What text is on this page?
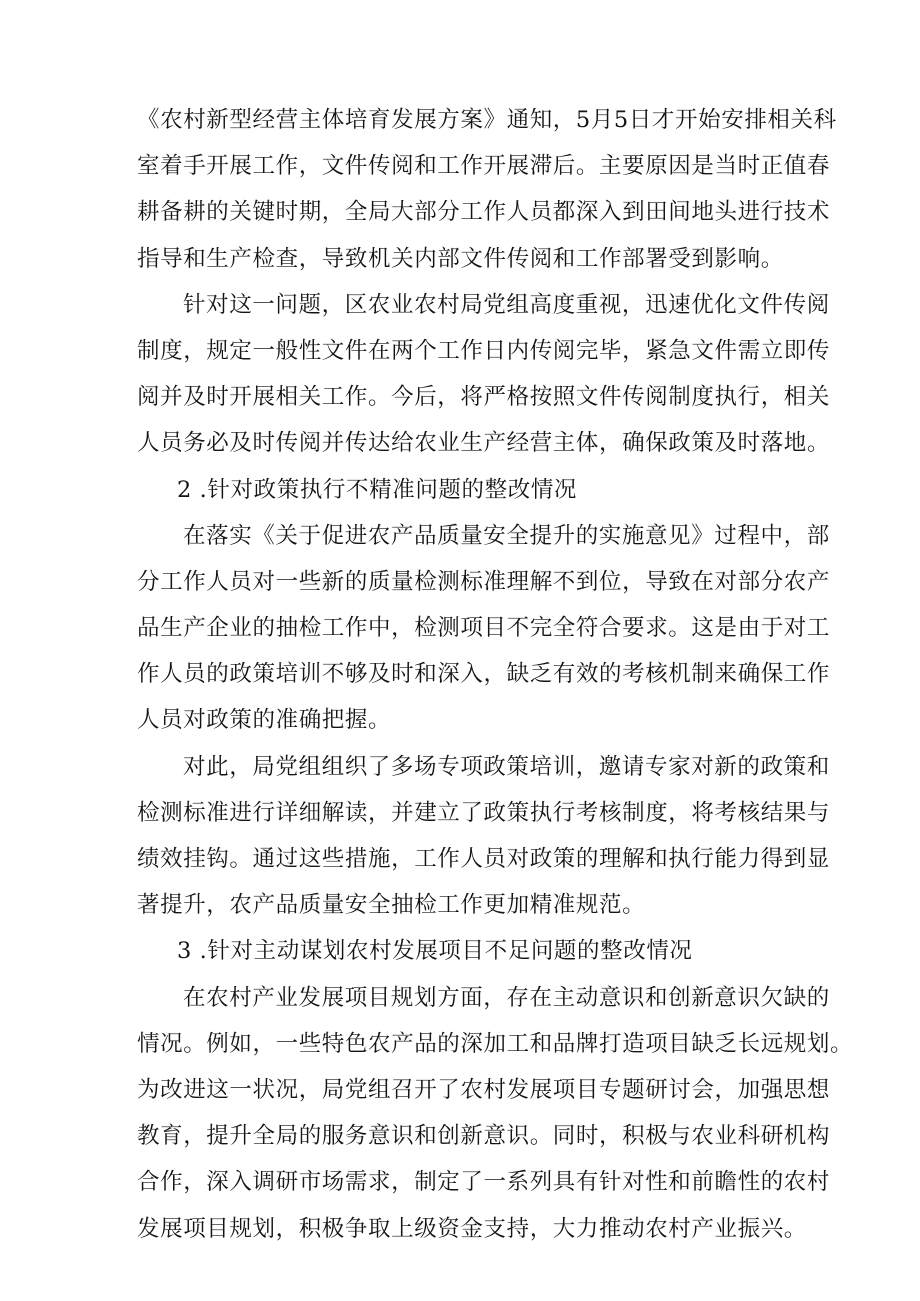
《农村新型经营主体培育发展方案》通知，5月5日才开始安排相关科
室着手开展工作，文件传阅和工作开展滞后。主要原因是当时正值春
耕备耕的关键时期，全局大部分工作人员都深入到田间地头进行技术
指导和生产检查，导致机关内部文件传阅和工作部署受到影响。
针对这一问题，区农业农村局党组高度重视，迅速优化文件传阅
制度，规定一般性文件在两个工作日内传阅完毕，紧急文件需立即传
阅并及时开展相关工作。今后，将严格按照文件传阅制度执行，相关
人员务必及时传阅并传达给农业生产经营主体，确保政策及时落地。
2 .针对政策执行不精准问题的整改情况
在落实《关于促进农产品质量安全提升的实施意见》过程中，部
分工作人员对一些新的质量检测标准理解不到位，导致在对部分农产
品生产企业的抽检工作中，检测项目不完全符合要求。这是由于对工
作人员的政策培训不够及时和深入，缺乏有效的考核机制来确保工作
人员对政策的准确把握。
对此，局党组组织了多场专项政策培训，邀请专家对新的政策和
检测标准进行详细解读，并建立了政策执行考核制度，将考核结果与
绩效挂钩。通过这些措施，工作人员对政策的理解和执行能力得到显
著提升，农产品质量安全抽检工作更加精准规范。
3 .针对主动谋划农村发展项目不足问题的整改情况
在农村产业发展项目规划方面，存在主动意识和创新意识欠缺的
情况。例如，一些特色农产品的深加工和品牌打造项目缺乏长远规划。
为改进这一状况，局党组召开了农村发展项目专题研讨会，加强思想
教育，提升全局的服务意识和创新意识。同时，积极与农业科研机构
合作，深入调研市场需求，制定了一系列具有针对性和前瞻性的农村
发展项目规划，积极争取上级资金支持，大力推动农村产业振兴。
